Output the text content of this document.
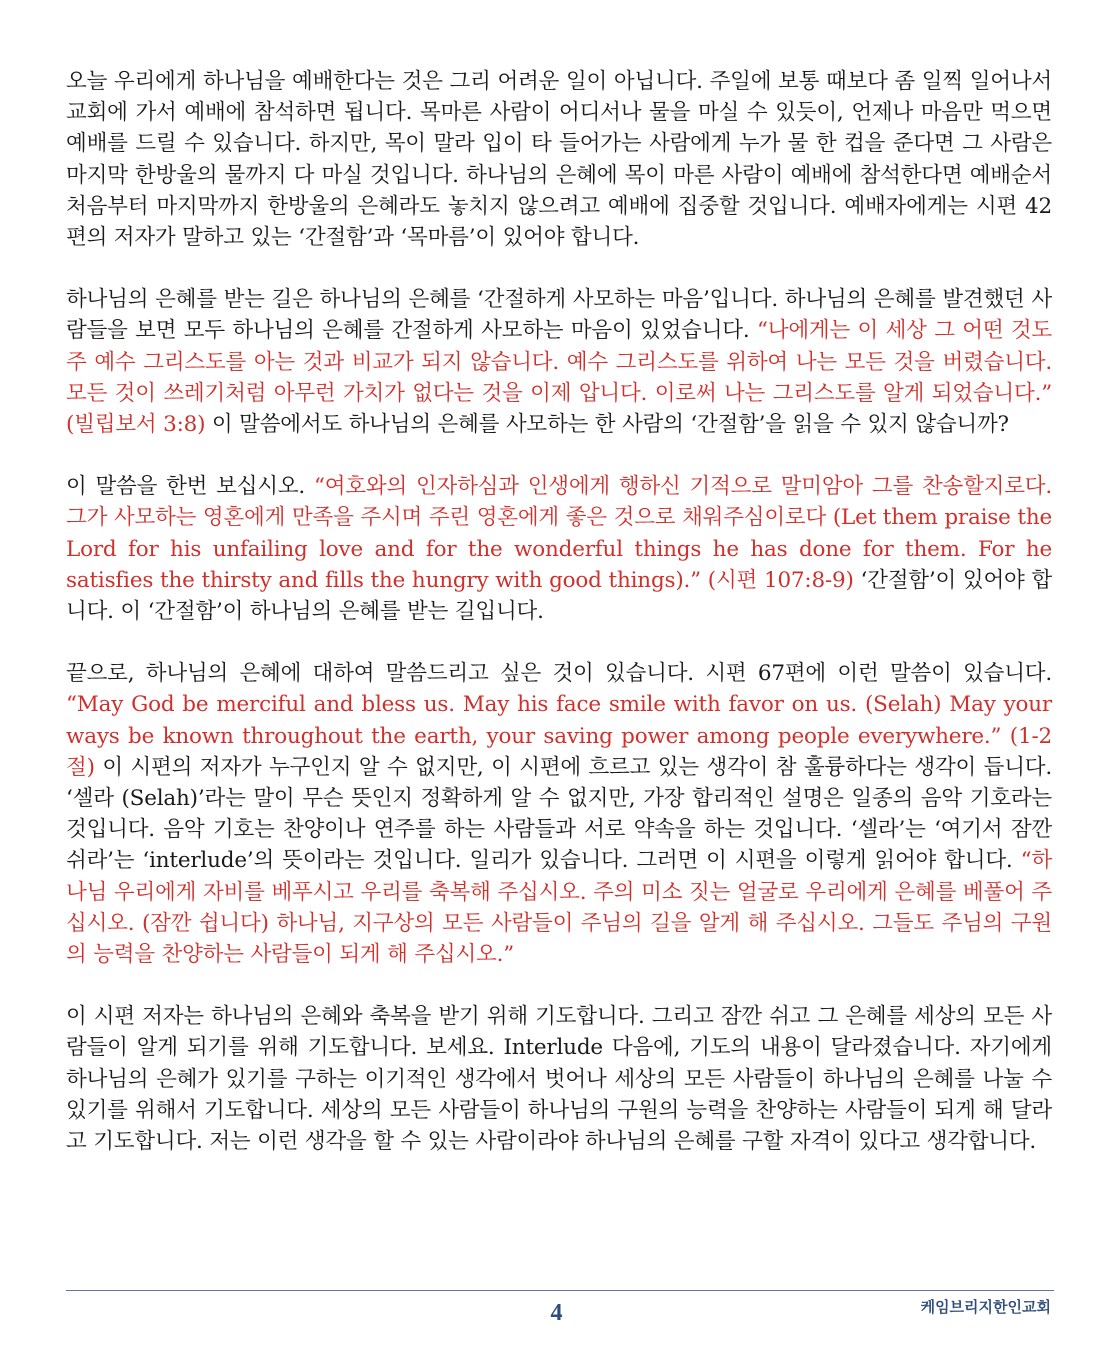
오늘 우리에게 하나님을 예배한다는 것은 그리 어려운 일이 아닙니다. 주일에 보통 때보다 좀 일찍 일어나서 교회에 가서 예배에 참석하면 됩니다. 목마른 사람이 어디서나 물을 마실 수 있듯이, 언제나 마음만 먹으면 예배를 드릴 수 있습니다. 하지만, 목이 말라 입이 타 들어가는 사람에게 누가 물 한 컵을 준다면 그 사람은 마지막 한방울의 물까지 다 마실 것입니다. 하나님의 은혜에 목이 마른 사람이 예배에 참석한다면 예배순서 처음부터 마지막까지 한방울의 은혜라도 놓치지 않으려고 예배에 집중할 것입니다. 예배자에게는 시편 42편의 저자가 말하고 있는 ‘간절함’과 ‘목마름’이 있어야 합니다.

하나님의 은혜를 받는 길은 하나님의 은혜를 ‘간절하게 사모하는 마음’입니다. 하나님의 은혜를 발견했던 사람들을 보면 모두 하나님의 은혜를 간절하게 사모하는 마음이 있었습니다. “나에게는 이 세상 그 어떤 것도 주 예수 그리스도를 아는 것과 비교가 되지 않습니다. 예수 그리스도를 위하여 나는 모든 것을 버렸습니다. 모든 것이 쓰레기처럼 아무런 가치가 없다는 것을 이제 압니다. 이로써 나는 그리스도를 알게 되었습니다.” (빌립보서 3:8) 이 말씀에서도 하나님의 은혜를 사모하는 한 사람의 ‘간절함’을 읽을 수 있지 않습니까?

이 말씀을 한번 보십시오. “여호와의 인자하심과 인생에게 행하신 기적으로 말미암아 그를 찬송할지로다. 그가 사모하는 영혼에게 만족을 주시며 주린 영혼에게 좋은 것으로 채워주심이로다 (Let them praise the Lord for his unfailing love and for the wonderful things he has done for them. For he satisfies the thirsty and fills the hungry with good things).” (시편 107:8-9) ‘간절함’이 있어야 합니다. 이 ‘간절함’이 하나님의 은혜를 받는 길입니다.

끝으로, 하나님의 은혜에 대하여 말씀드리고 싶은 것이 있습니다. 시편 67편에 이런 말씀이 있습니다. “May God be merciful and bless us. May his face smile with favor on us. (Selah) May your ways be known throughout the earth, your saving power among people everywhere.” (1-2절) 이 시편의 저자가 누구인지 알 수 없지만, 이 시편에 흐르고 있는 생각이 참 훌륭하다는 생각이 듭니다. ‘셀라 (Selah)’라는 말이 무슨 뜻인지 정확하게 알 수 없지만, 가장 합리적인 설명은 일종의 음악 기호라는 것입니다. 음악 기호는 찬양이나 연주를 하는 사람들과 서로 약속을 하는 것입니다. ‘셀라’는 ‘여기서 잠깐 쉬라’는 ‘interlude’의 뜻이라는 것입니다. 일리가 있습니다. 그러면 이 시편을 이렇게 읽어야 합니다. “하나님 우리에게 자비를 베푸시고 우리를 축복해 주십시오. 주의 미소 짓는 얼굴로 우리에게 은혜를 베풀어 주십시오. (잠깐 쉽니다) 하나님, 지구상의 모든 사람들이 주님의 길을 알게 해 주십시오. 그들도 주님의 구원의 능력을 찬양하는 사람들이 되게 해 주십시오.”

이 시편 저자는 하나님의 은혜와 축복을 받기 위해 기도합니다. 그리고 잠깐 쉬고 그 은혜를 세상의 모든 사람들이 알게 되기를 위해 기도합니다. 보세요. Interlude 다음에, 기도의 내용이 달라졌습니다. 자기에게 하나님의 은혜가 있기를 구하는 이기적인 생각에서 벗어나 세상의 모든 사람들이 하나님의 은혜를 나눌 수 있기를 위해서 기도합니다. 세상의 모든 사람들이 하나님의 구원의 능력을 찬양하는 사람들이 되게 해 달라고 기도합니다. 저는 이런 생각을 할 수 있는 사람이라야 하나님의 은혜를 구할 자격이 있다고 생각합니다.

4	케임브리지한인교회
